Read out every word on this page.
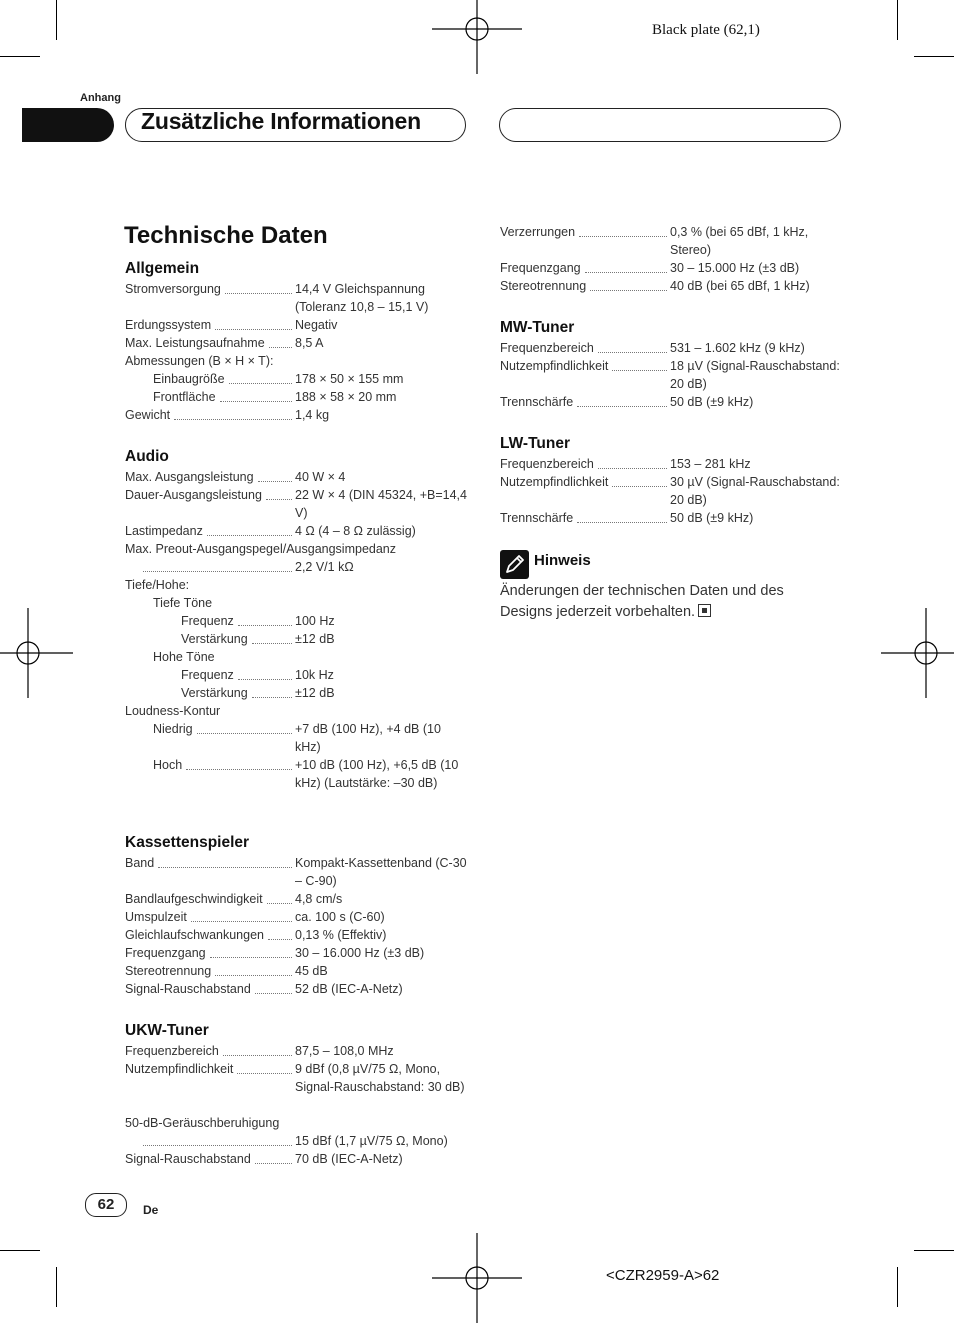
Black plate (62,1)
Anhang
Zusätzliche Informationen
Technische Daten
Allgemein
Stromversorgung	14,4 V Gleichspannung (Toleranz 10,8 – 15,1 V)
Erdungssystem	Negativ
Max. Leistungsaufnahme 8,5 A
Abmessungen (B × H × T):
Einbaugröße	178 × 50 × 155 mm
Frontfläche	188 × 58 × 20 mm
Gewicht	1,4 kg
Audio
Max. Ausgangsleistung	40 W × 4
Dauer-Ausgangsleistung	22 W × 4 (DIN 45324, +B=14,4 V)
Lastimpedanz	4 Ω (4 – 8 Ω zulässig)
Max. Preout-Ausgangspegel/Ausgangsimpedanz
2,2 V/1 kΩ
Tiefe/Hohe:
Tiefe Töne
Frequenz	100 Hz
Verstärkung	±12 dB
Hohe Töne
Frequenz	10k Hz
Verstärkung	±12 dB
Loudness-Kontur
Niedrig	+7 dB (100 Hz), +4 dB (10 kHz)
Hoch	+10 dB (100 Hz), +6,5 dB (10 kHz) (Lautstärke: –30 dB)
Kassettenspieler
Band	Kompakt-Kassettenband (C-30 – C-90)
Bandlaufgeschwindigkeit	4,8 cm/s
Umspulzeit	ca. 100 s (C-60)
Gleichlaufschwankungen 0,13 % (Effektiv)
Frequenzgang	30 – 16.000 Hz (±3 dB)
Stereotrennung	45 dB
Signal-Rauschabstand	52 dB (IEC-A-Netz)
UKW-Tuner
Frequenzbereich	87,5 – 108,0 MHz
Nutzempfindlichkeit	9 dBf (0,8 µV/75 Ω, Mono, Signal-Rauschabstand: 30 dB)
50-dB-Geräuschberuhigung
15 dBf (1,7 µV/75 Ω, Mono)
Signal-Rauschabstand	70 dB (IEC-A-Netz)
Verzerrungen	0,3 % (bei 65 dBf, 1 kHz, Stereo)
Frequenzgang	30 – 15.000 Hz (±3 dB)
Stereotrennung	40 dB (bei 65 dBf, 1 kHz)
MW-Tuner
Frequenzbereich	531 – 1.602 kHz (9 kHz)
Nutzempfindlichkeit	18 µV (Signal-Rauschabstand: 20 dB)
Trennschärfe	50 dB (±9 kHz)
LW-Tuner
Frequenzbereich	153 – 281 kHz
Nutzempfindlichkeit	30 µV (Signal-Rauschabstand: 20 dB)
Trennschärfe	50 dB (±9 kHz)
Hinweis
Änderungen der technischen Daten und des Designs jederzeit vorbehalten.
62	De
<CZR2959-A>62
